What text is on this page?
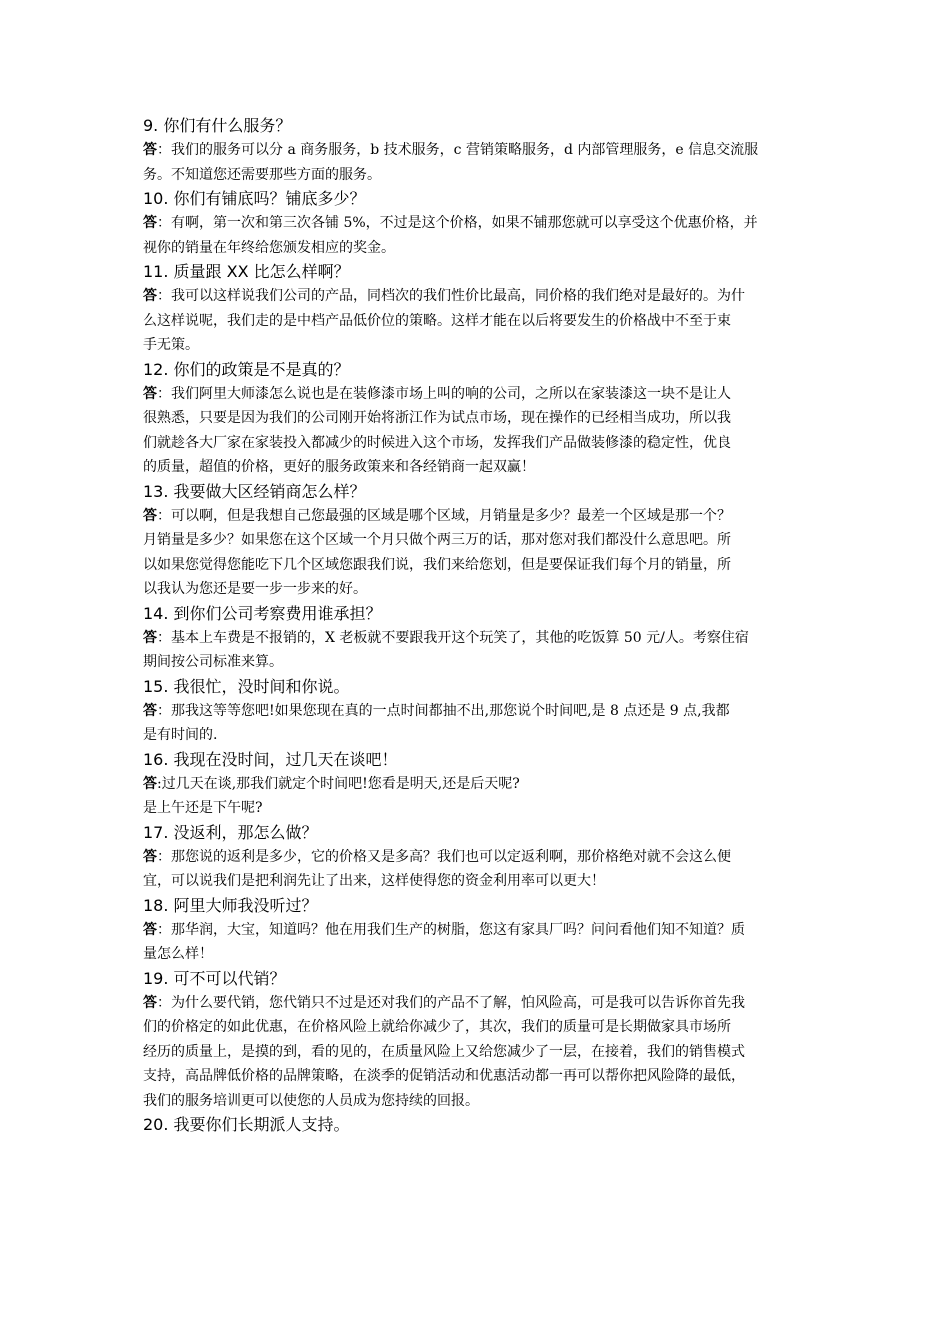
9. 你们有什么服务？
答：我们的服务可以分 a 商务服务，b 技术服务，c 营销策略服务，d 内部管理服务，e 信息交流服
务。不知道您还需要那些方面的服务。
10. 你们有铺底吗？铺底多少？
答：有啊，第一次和第三次各铺 5%，不过是这个价格，如果不铺那您就可以享受这个优惠价格，并
视你的销量在年终给您颁发相应的奖金。
11. 质量跟 XX 比怎么样啊？
答：我可以这样说我们公司的产品，同档次的我们性价比最高，同价格的我们绝对是最好的。为什
么这样说呢，我们走的是中档产品低价位的策略。这样才能在以后将要发生的价格战中不至于束
手无策。
12. 你们的政策是不是真的？
答：我们阿里大师漆怎么说也是在装修漆市场上叫的响的公司，之所以在家装漆这一块不是让人
很熟悉，只要是因为我们的公司刚开始将浙江作为试点市场，现在操作的已经相当成功，所以我
们就趁各大厂家在家装投入都减少的时候进入这个市场，发挥我们产品做装修漆的稳定性，优良
的质量，超值的价格，更好的服务政策来和各经销商一起双赢！
13. 我要做大区经销商怎么样？
答：可以啊，但是我想自己您最强的区域是哪个区域，月销量是多少？最差一个区域是那一个？
月销量是多少？如果您在这个区域一个月只做个两三万的话，那对您对我们都没什么意思吧。所
以如果您觉得您能吃下几个区域您跟我们说，我们来给您划，但是要保证我们每个月的销量，所
以我认为您还是要一步一步来的好。
14. 到你们公司考察费用谁承担？
答：基本上车费是不报销的，X 老板就不要跟我开这个玩笑了，其他的吃饭算 50 元/人。考察住宿
期间按公司标准来算。
15. 我很忙，没时间和你说。
答：那我这等等您吧!如果您现在真的一点时间都抽不出,那您说个时间吧,是 8 点还是 9 点,我都
是有时间的.
16. 我现在没时间，过几天在谈吧！
答:过几天在谈,那我们就定个时间吧!您看是明天,还是后天呢?
是上午还是下午呢?
17. 没返利，那怎么做？
答：那您说的返利是多少，它的价格又是多高？我们也可以定返利啊，那价格绝对就不会这么便
宜，可以说我们是把利润先让了出来，这样使得您的资金利用率可以更大！
18. 阿里大师我没听过？
答：那华润，大宝，知道吗？他在用我们生产的树脂，您这有家具厂吗？问问看他们知不知道？质
量怎么样！
19. 可不可以代销？
答：为什么要代销，您代销只不过是还对我们的产品不了解，怕风险高，可是我可以告诉你首先我
们的价格定的如此优惠，在价格风险上就给你减少了，其次，我们的质量可是长期做家具市场所
经历的质量上，是摸的到，看的见的，在质量风险上又给您减少了一层，在接着，我们的销售模式
支持，高品牌低价格的品牌策略，在淡季的促销活动和优惠活动都一再可以帮你把风险降的最低，
我们的服务培训更可以使您的人员成为您持续的回报。
20. 我要你们长期派人支持。
